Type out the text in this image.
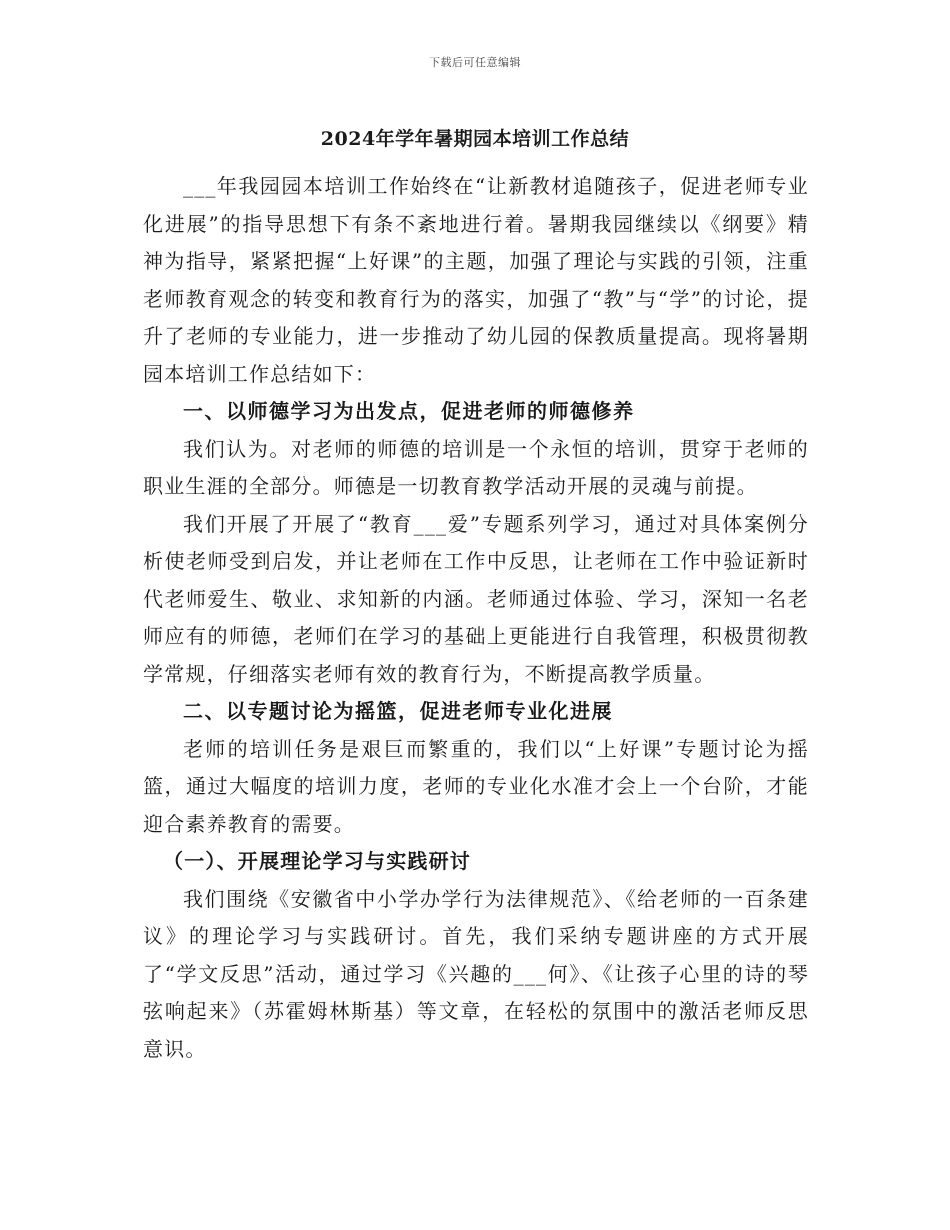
下载后可任意编辑
2024年学年暑期园本培训工作总结

___年我园园本培训工作始终在“让新教材追随孩子，促进老师专业化进展”的指导思想下有条不紊地进行着。暑期我园继续以《纲要》精神为指导，紧紧把握“上好课”的主题，加强了理论与实践的引领，注重老师教育观念的转变和教育行为的落实，加强了“教”与“学”的讨论，提升了老师的专业能力，进一步推动了幼儿园的保教质量提高。现将暑期园本培训工作总结如下：

一、以师德学习为出发点，促进老师的师德修养

我们认为。对老师的师德的培训是一个永恒的培训，贯穿于老师的职业生涯的全部分。师德是一切教育教学活动开展的灵魂与前提。

我们开展了开展了“教育___爱”专题系列学习，通过对具体案例分析使老师受到启发，并让老师在工作中反思，让老师在工作中验证新时代老师爱生、敬业、求知新的内涵。老师通过体验、学习，深知一名老师应有的师德，老师们在学习的基础上更能进行自我管理，积极贯彻教学常规，仔细落实老师有效的教育行为，不断提高教学质量。

二、以专题讨论为摇篮，促进老师专业化进展

老师的培训任务是艰巨而繁重的，我们以“上好课”专题讨论为摇篮，通过大幅度的培训力度，老师的专业化水准才会上一个台阶，才能迎合素养教育的需要。

（一）、开展理论学习与实践研讨

我们围绕《安徽省中小学办学行为法律规范》、《给老师的一百条建议》的理论学习与实践研讨。首先，我们采纳专题讲座的方式开展了“学文反思”活动，通过学习《兴趣的___何》、《让孩子心里的诗的琴弦响起来》（苏霍姆林斯基）等文章，在轻松的氛围中的激活老师反思意识。
